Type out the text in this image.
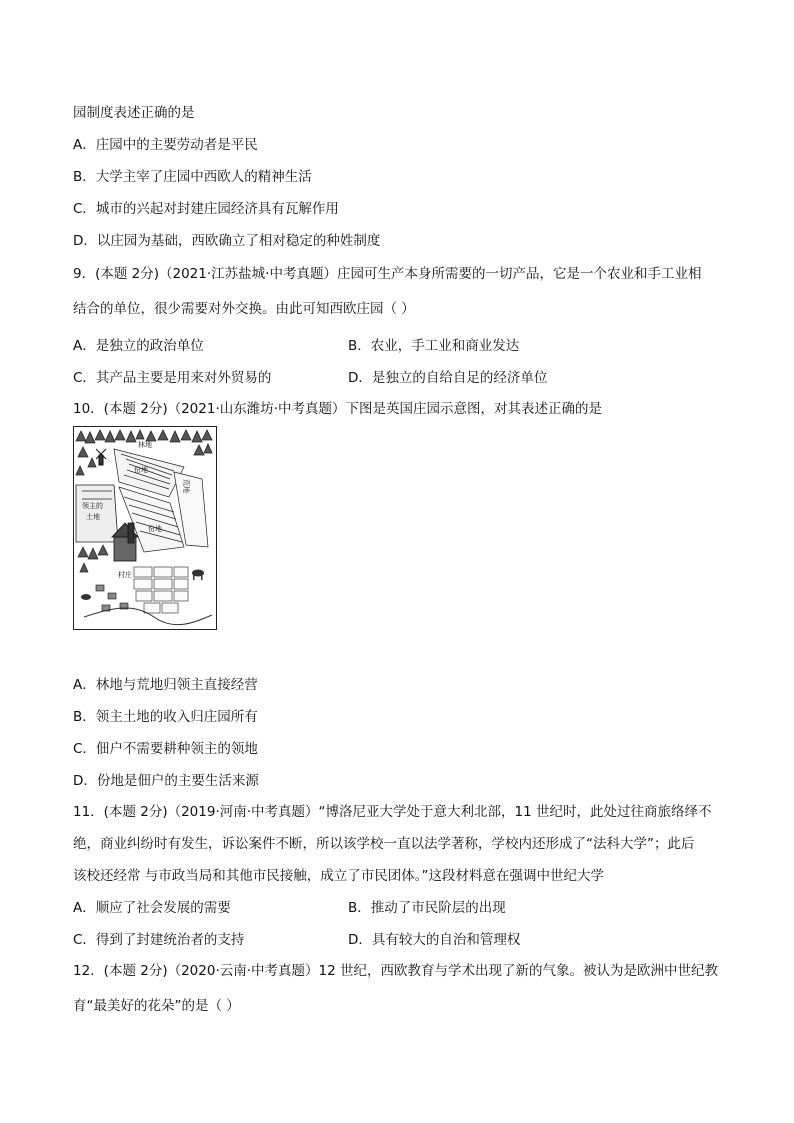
园制度表述正确的是
A．庄园中的主要劳动者是平民
B．大学主宰了庄园中西欧人的精神生活
C．城市的兴起对封建庄园经济具有瓦解作用
D．以庄园为基础，西欧确立了相对稳定的种姓制度
9．(本题 2分)（2021·江苏盐城·中考真题）庄园可生产本身所需要的一切产品，它是一个农业和手工业相
结合的单位，很少需要对外交换。由此可知西欧庄园（ ）
A．是独立的政治单位	B．农业，手工业和商业发达
C．其产品主要是用来对外贸易的	D．是独立的自给自足的经济单位
10．(本题 2分)（2021·山东潍坊·中考真题）下图是英国庄园示意图，对其表述正确的是
林地
荒地
份地
份地
领主的
土地
村庄
A．林地与荒地归领主直接经营
B．领主土地的收入归庄园所有
C．佃户不需要耕种领主的领地
D．份地是佃户的主要生活来源
11．(本题 2分)（2019·河南·中考真题）“博洛尼亚大学处于意大利北部，11 世纪时，此处过往商旅络绎不
绝，商业纠纷时有发生，诉讼案件不断，所以该学校一直以法学著称，学校内还形成了“法科大学”；此后
该校还经常 与市政当局和其他市民接触，成立了市民团体。”这段材料意在强调中世纪大学
A．顺应了社会发展的需要	B．推动了市民阶层的出现
C．得到了封建统治者的支持	D．具有较大的自治和管理权
12．(本题 2分)（2020·云南·中考真题）12 世纪，西欧教育与学术出现了新的气象。被认为是欧洲中世纪教
育“最美好的花朵”的是（ ）
